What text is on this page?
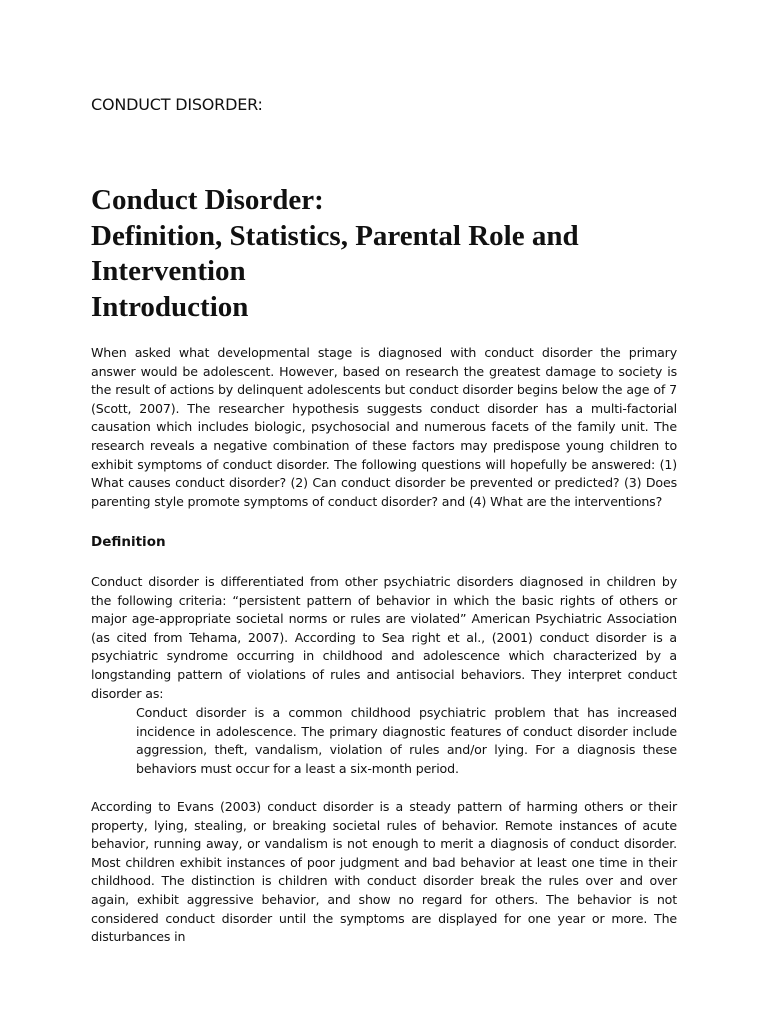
CONDUCT DISORDER:

Conduct Disorder:
Definition, Statistics, Parental Role and
Intervention
Introduction

When asked what developmental stage is diagnosed with conduct disorder the primary answer would be adolescent. However, based on research the greatest damage to society is the result of actions by delinquent adolescents but conduct disorder begins below the age of 7 (Scott, 2007). The researcher hypothesis suggests conduct disorder has a multi-factorial causation which includes biologic, psychosocial and numerous facets of the family unit. The research reveals a negative combination of these factors may predispose young children to exhibit symptoms of conduct disorder. The following questions will hopefully be answered: (1) What causes conduct disorder? (2) Can conduct disorder be prevented or predicted? (3) Does parenting style promote symptoms of conduct disorder? and (4) What are the interventions?

Definition

Conduct disorder is differentiated from other psychiatric disorders diagnosed in children by the following criteria: “persistent pattern of behavior in which the basic rights of others or major age-appropriate societal norms or rules are violated” American Psychiatric Association (as cited from Tehama, 2007). According to Sea right et al., (2001) conduct disorder is a psychiatric syndrome occurring in childhood and adolescence which characterized by a longstanding pattern of violations of rules and antisocial behaviors. They interpret conduct disorder as:

Conduct disorder is a common childhood psychiatric problem that has increased incidence in adolescence. The primary diagnostic features of conduct disorder include aggression, theft, vandalism, violation of rules and/or lying. For a diagnosis these behaviors must occur for a least a six-month period.

According to Evans (2003) conduct disorder is a steady pattern of harming others or their property, lying, stealing, or breaking societal rules of behavior. Remote instances of acute behavior, running away, or vandalism is not enough to merit a diagnosis of conduct disorder. Most children exhibit instances of poor judgment and bad behavior at least one time in their childhood. The distinction is children with conduct disorder break the rules over and over again, exhibit aggressive behavior, and show no regard for others. The behavior is not considered conduct disorder until the symptoms are displayed for one year or more. The disturbances in
